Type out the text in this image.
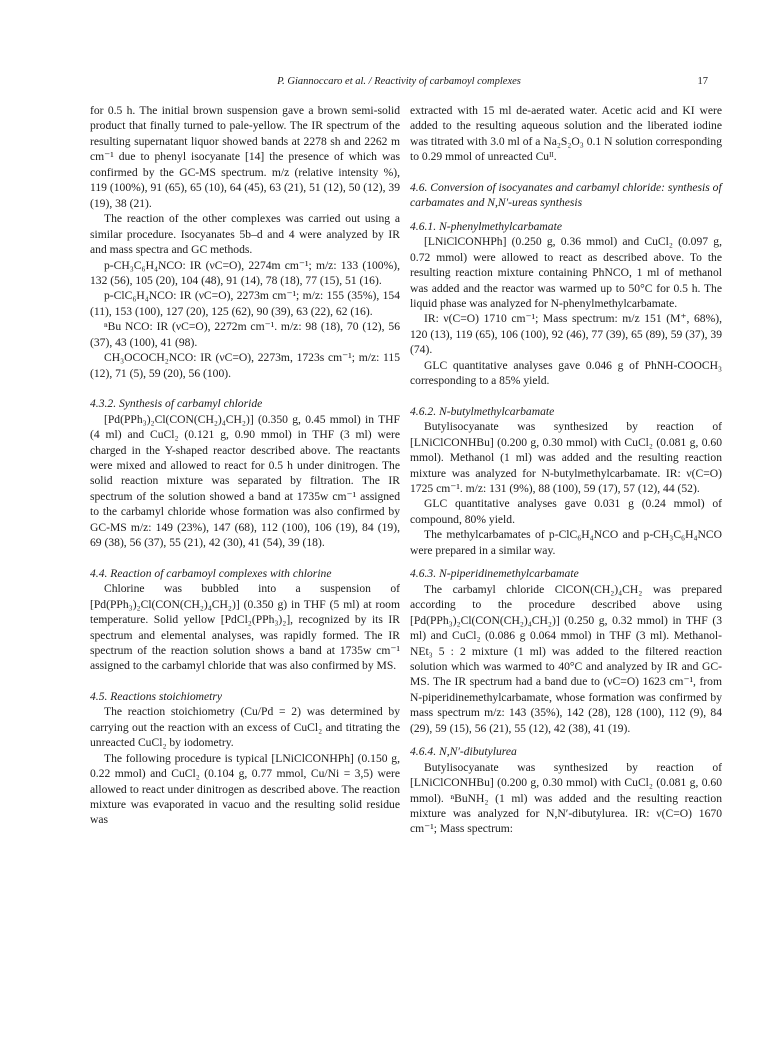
P. Giannoccaro et al. / Reactivity of carbamoyl complexes	17

for 0.5 h. The initial brown suspension gave a brown semi-solid product that finally turned to pale-yellow. The IR spectrum of the resulting supernatant liquor showed bands at 2278 sh and 2262 m cm⁻¹ due to phenyl isocyanate [14] the presence of which was confirmed by the GC-MS spectrum. m/z (relative intensity %), 119 (100%), 91 (65), 65 (10), 64 (45), 63 (21), 51 (12), 50 (12), 39 (19), 38 (21).

The reaction of the other complexes was carried out using a similar procedure. Isocyanates 5b–d and 4 were analyzed by IR and mass spectra and GC methods.

p-CH₃C₆H₄NCO: IR (νC=O), 2274m cm⁻¹; m/z: 133 (100%), 132 (56), 105 (20), 104 (48), 91 (14), 78 (18), 77 (15), 51 (16).

p-ClC₆H₄NCO: IR (νC=O), 2273m cm⁻¹; m/z: 155 (35%), 154 (11), 153 (100), 127 (20), 125 (62), 90 (39), 63 (22), 62 (16).

ⁿBu NCO: IR (νC=O), 2272m cm⁻¹. m/z: 98 (18), 70 (12), 56 (37), 43 (100), 41 (98).

CH₃OCOCH₂NCO: IR (νC=O), 2273m, 1723s cm⁻¹; m/z: 115 (12), 71 (5), 59 (20), 56 (100).

4.3.2. Synthesis of carbamyl chloride

[Pd(PPh₃)₂Cl(CON(CH₂)₄CH₂)] (0.350 g, 0.45 mmol) in THF (4 ml) and CuCl₂ (0.121 g, 0.90 mmol) in THF (3 ml) were charged in the Y-shaped reactor described above. The reactants were mixed and allowed to react for 0.5 h under dinitrogen. The solid reaction mixture was separated by filtration. The IR spectrum of the solution showed a band at 1735w cm⁻¹ assigned to the carbamyl chloride whose formation was also confirmed by GC-MS m/z: 149 (23%), 147 (68), 112 (100), 106 (19), 84 (19), 69 (38), 56 (37), 55 (21), 42 (30), 41 (54), 39 (18).

4.4. Reaction of carbamoyl complexes with chlorine

Chlorine was bubbled into a suspension of [Pd(PPh₃)₂Cl(CON(CH₂)₄CH₂)] (0.350 g) in THF (5 ml) at room temperature. Solid yellow [PdCl₂(PPh₃)₂], recognized by its IR spectrum and elemental analyses, was rapidly formed. The IR spectrum of the reaction solution shows a band at 1735w cm⁻¹ assigned to the carbamyl chloride that was also confirmed by MS.

4.5. Reactions stoichiometry

The reaction stoichiometry (Cu/Pd = 2) was determined by carrying out the reaction with an excess of CuCl₂ and titrating the unreacted CuCl₂ by iodometry.

The following procedure is typical [LNiClCONHPh] (0.150 g, 0.22 mmol) and CuCl₂ (0.104 g, 0.77 mmol, Cu/Ni = 3,5) were allowed to react under dinitrogen as described above. The reaction mixture was evaporated in vacuo and the resulting solid residue was

extracted with 15 ml de-aerated water. Acetic acid and KI were added to the resulting aqueous solution and the liberated iodine was titrated with 3.0 ml of a Na₂S₂O₃ 0.1 N solution corresponding to 0.29 mmol of unreacted Cuᴵᴵ.

4.6. Conversion of isocyanates and carbamyl chloride: synthesis of carbamates and N,N′-ureas synthesis
4.6.1. N-phenylmethylcarbamate

[LNiClCONHPh] (0.250 g, 0.36 mmol) and CuCl₂ (0.097 g, 0.72 mmol) were allowed to react as described above. To the resulting reaction mixture containing PhNCO, 1 ml of methanol was added and the reactor was warmed up to 50°C for 0.5 h. The liquid phase was analyzed for N-phenylmethylcarbamate.

IR: ν(C=O) 1710 cm⁻¹; Mass spectrum: m/z 151 (M⁺, 68%), 120 (13), 119 (65), 106 (100), 92 (46), 77 (39), 65 (89), 59 (37), 39 (74).

GLC quantitative analyses gave 0.046 g of PhNH-COOCH₃ corresponding to a 85% yield.

4.6.2. N-butylmethylcarbamate

Butylisocyanate was synthesized by reaction of [LNiClCONHBu] (0.200 g, 0.30 mmol) with CuCl₂ (0.081 g, 0.60 mmol). Methanol (1 ml) was added and the resulting reaction mixture was analyzed for N-butylmethylcarbamate. IR: ν(C=O) 1725 cm⁻¹. m/z: 131 (9%), 88 (100), 59 (17), 57 (12), 44 (52).

GLC quantitative analyses gave 0.031 g (0.24 mmol) of compound, 80% yield.

The methylcarbamates of p-ClC₆H₄NCO and p-CH₃C₆H₄NCO were prepared in a similar way.

4.6.3. N-piperidinemethylcarbamate

The carbamyl chloride ClCON(CH₂)₄CH₂ was prepared according to the procedure described above using [Pd(PPh₃)₂Cl(CON(CH₂)₄CH₂)] (0.250 g, 0.32 mmol) in THF (3 ml) and CuCl₂ (0.086 g 0.064 mmol) in THF (3 ml). Methanol-NEt₃ 5 : 2 mixture (1 ml) was added to the filtered reaction solution which was warmed to 40°C and analyzed by IR and GC-MS. The IR spectrum had a band due to (νC=O) 1623 cm⁻¹, from N-piperidinemethylcarbamate, whose formation was confirmed by mass spectrum m/z: 143 (35%), 142 (28), 128 (100), 112 (9), 84 (29), 59 (15), 56 (21), 55 (12), 42 (38), 41 (19).

4.6.4. N,N′-dibutylurea

Butylisocyanate was synthesized by reaction of [LNiClCONHBu] (0.200 g, 0.30 mmol) with CuCl₂ (0.081 g, 0.60 mmol). ⁿBuNH₂ (1 ml) was added and the resulting reaction mixture was analyzed for N,N′-dibutylurea. IR: ν(C=O) 1670 cm⁻¹; Mass spectrum:
